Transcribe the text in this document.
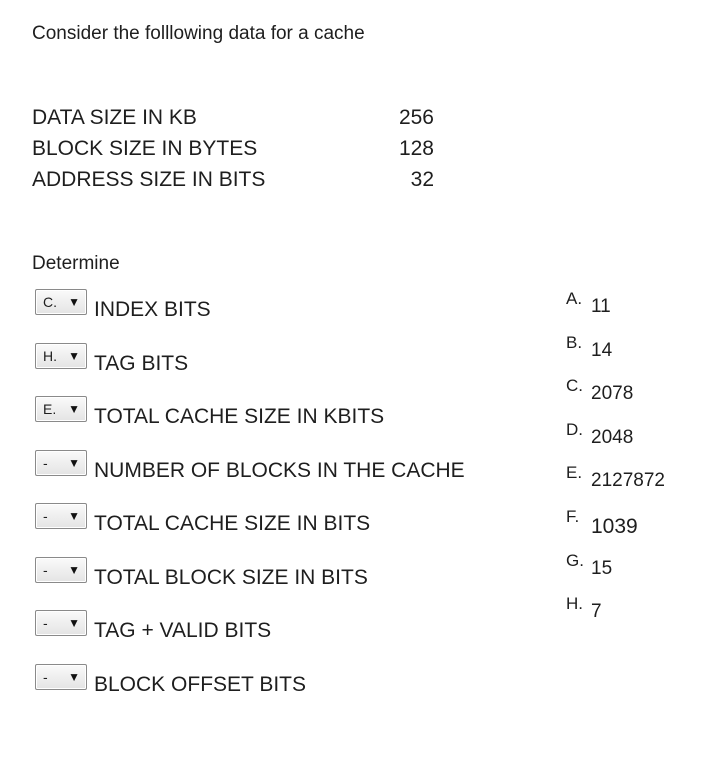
Consider the folllowing data for a cache
DATA SIZE IN KB	256
BLOCK SIZE IN BYTES	128
ADDRESS SIZE IN BITS	32
Determine
C. ▼ INDEX BITS
H. ▼ TAG BITS
E. ▼ TOTAL CACHE SIZE IN KBITS
- ▼ NUMBER OF BLOCKS IN THE CACHE
- ▼ TOTAL CACHE SIZE IN BITS
- ▼ TOTAL BLOCK SIZE IN BITS
- ▼ TAG + VALID BITS
- ▼ BLOCK OFFSET BITS
A. 11
B. 14
C. 2078
D. 2048
E. 2127872
F. 1039
G. 15
H. 7
